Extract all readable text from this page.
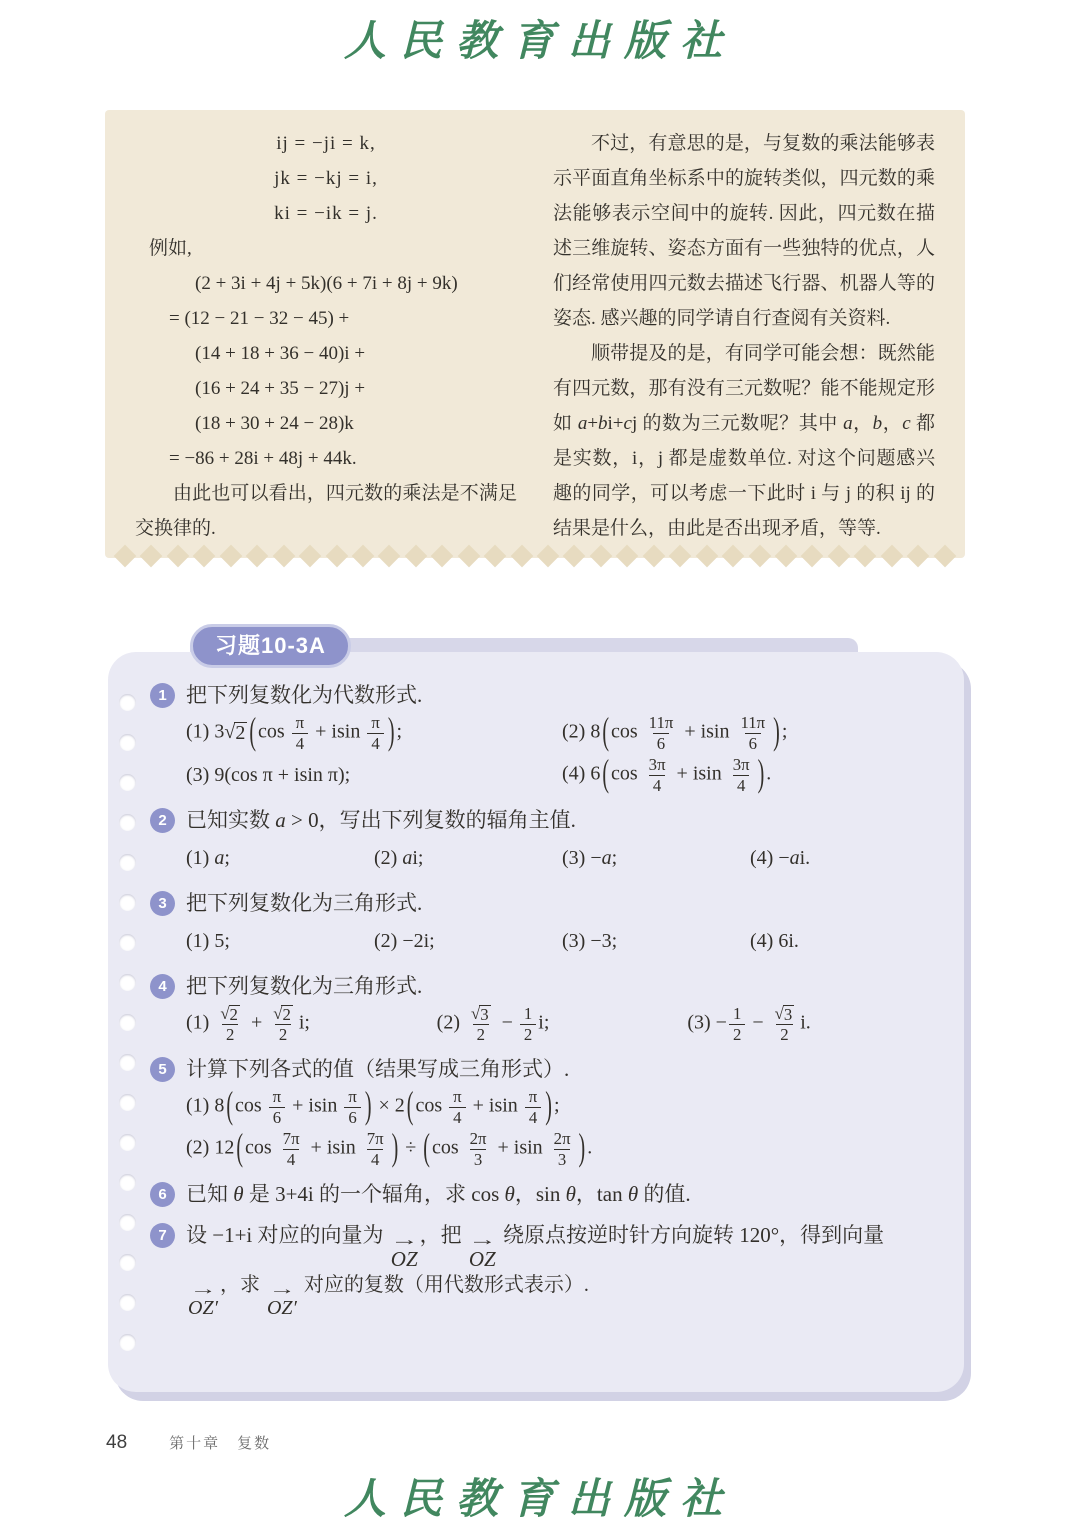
人民教育出版社
ij = −ji = k,
jk = −kj = i,
ki = −ik = j.
例如,
(2 + 3i + 4j + 5k)(6 + 7i + 8j + 9k)
= (12 − 21 − 32 − 45) +
(14 + 18 + 36 − 40)i +
(16 + 24 + 35 − 27)j +
(18 + 30 + 24 − 28)k
= −86 + 28i + 48j + 44k.
由此也可以看出，四元数的乘法是不满足交换律的.

不过，有意思的是，与复数的乘法能够表示平面直角坐标系中的旋转类似，四元数的乘法能够表示空间中的旋转. 因此，四元数在描述三维旋转、姿态方面有一些独特的优点，人们经常使用四元数去描述飞行器、机器人等的姿态. 感兴趣的同学请自行查阅有关资料.

顺带提及的是，有同学可能会想：既然能有四元数，那有没有三元数呢？能不能规定形如 a+bi+cj 的数为三元数呢？其中 a，b，c 都是实数，i，j 都是虚数单位. 对这个问题感兴趣的同学，可以考虑一下此时 i 与 j 的积 ij 的结果是什么，由此是否出现矛盾，等等.

习题10-3A
1 把下列复数化为代数形式.
(1) 3 √ 2 ( $\cos \frac{\pi}{4} + isin \frac{\pi}{4}$ ) ;	(2) 8 ( $\cos \frac{11\pi}{6} + isin \frac{11\pi}{6}$ ) ;
(3) 9(cos π + isin π);	(4) 6 ( $\cos \frac{3\pi}{4} + isin \frac{3\pi}{4}$ ) .
2 已知实数 a > 0，写出下列复数的辐角主值.
(1) a;	(2) ai;	(3) −a;	(4) −ai.
3 把下列复数化为三角形式.
(1) 5;	(2) −2i;	(3) −3;	(4) 6i.
4 把下列复数化为三角形式.
$(1) \frac{√ 2}{2} + \frac{√ 2}{2} i$;	$(2) \frac{√ 3}{2} - \frac{1}{2} i$;	$(3) - \frac{1}{2} - \frac{√ 3}{2} i$.
5 计算下列各式的值（结果写成三角形式）.
(1) 8 ( $\cos \frac{\pi}{6} + isin \frac{\pi}{6}$ ) × 2 ( $\cos \frac{\pi}{4} + isin \frac{\pi}{4}$ ) ;
(2) 12 ( $\cos \frac{7\pi}{4} + isin \frac{7\pi}{4}$ ) ÷ ( $\cos \frac{2\pi}{3} + isin \frac{2\pi}{3}$ ) .
6 已知 θ 是 3+4i 的一个辐角，求 cos θ，sin θ，tan θ 的值.
7 设 −1+i 对应的向量为 →
OZ
，把 →
OZ
绕原点按逆时针方向旋转 120°，得到向量
→
OZ′
，求 →
OZ′
对应的复数（用代数形式表示）.
48	第十章　复数
人民教育出版社
